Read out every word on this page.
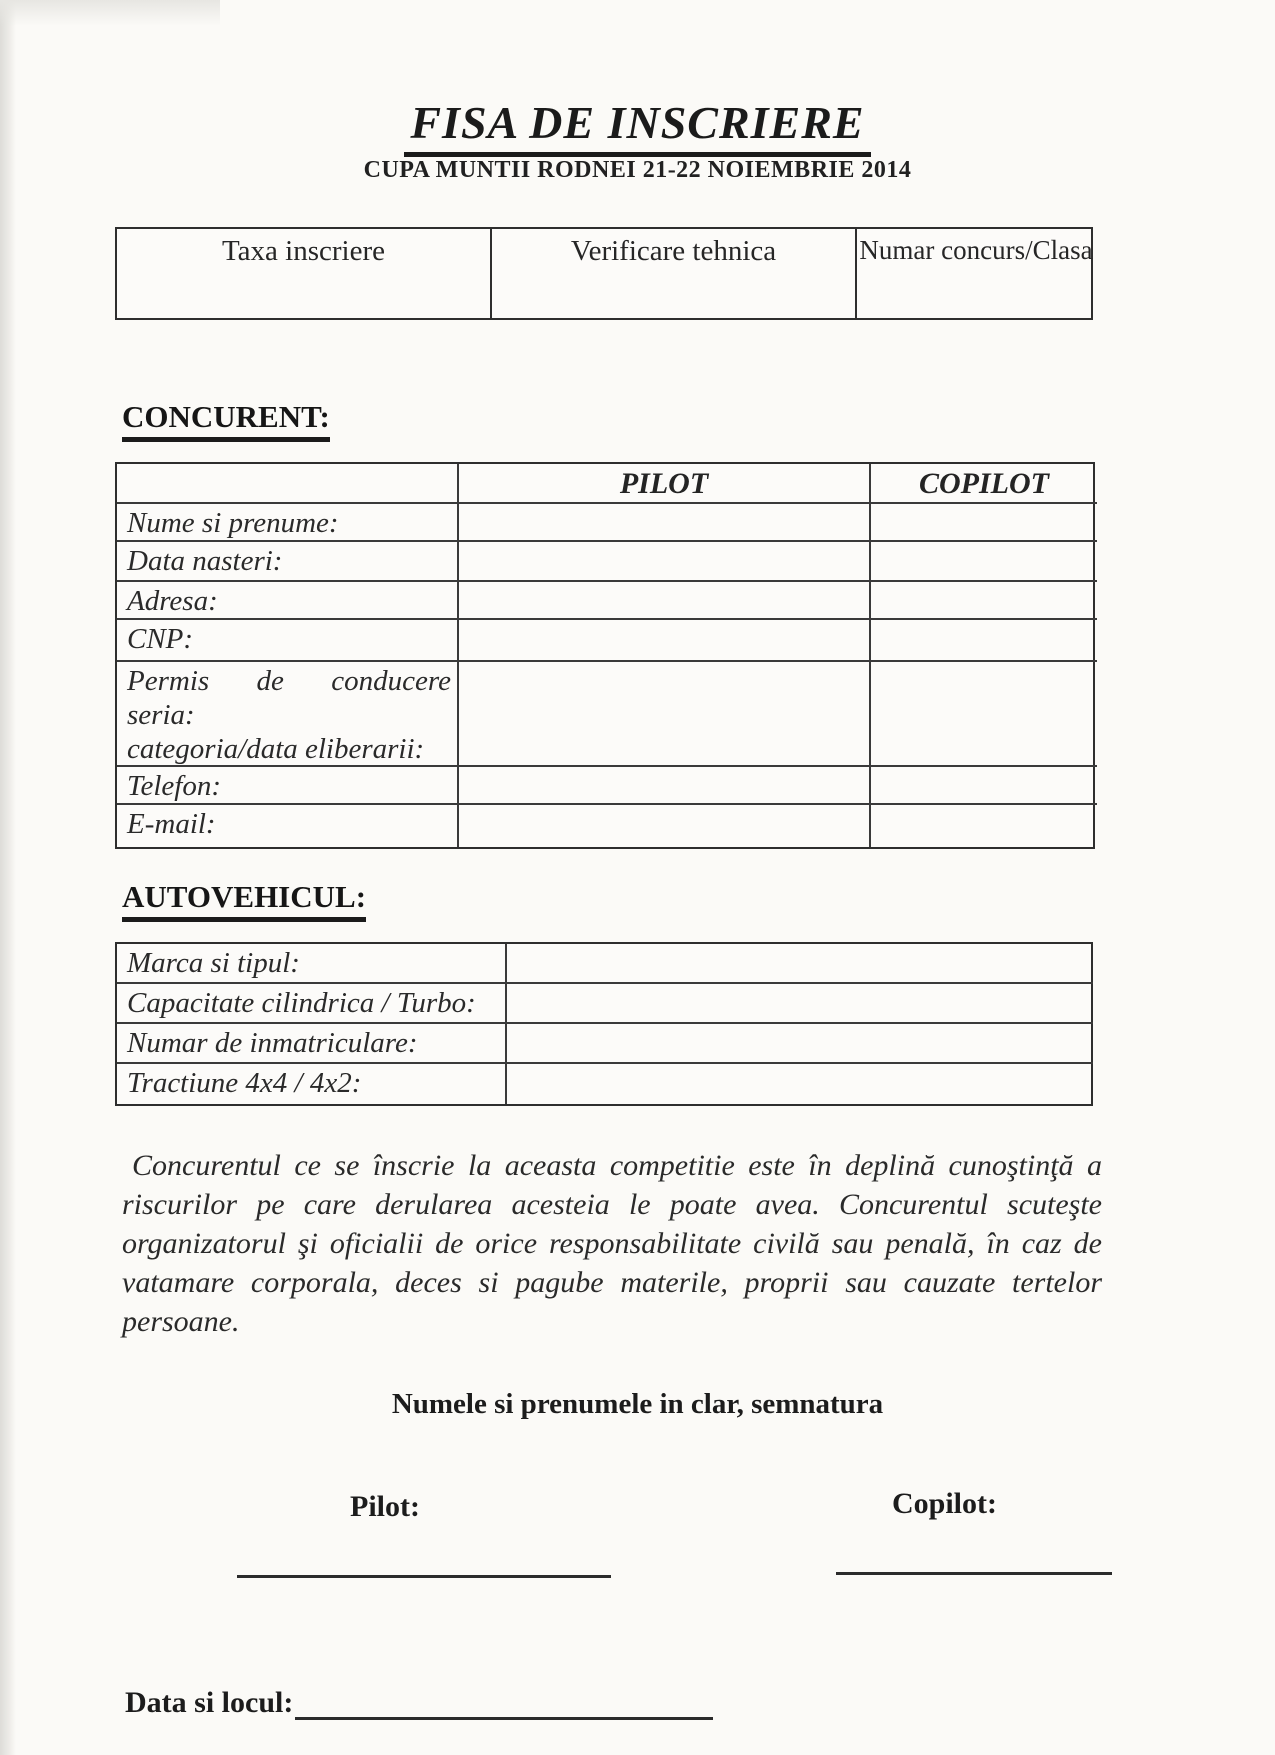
FISA DE INSCRIERE
CUPA MUNTII RODNEI 21-22 NOIEMBRIE 2014
Taxa inscriere	Verificare tehnica	Numar concurs/Clasa
CONCURENT:
PILOT	COPILOT
Nume si prenume:
Data nasteri:
Adresa:
CNP:
Permis de conducere
seria:
categoria/data eliberarii:
Telefon:
E-mail:
AUTOVEHICUL:
Marca si tipul:
Capacitate cilindrica / Turbo:
Numar de inmatriculare:
Tractiune 4x4 / 4x2:
Concurentul ce se înscrie la aceasta competitie este în deplină cunoştinţă a riscurilor pe care derularea acesteia le poate avea. Concurentul scuteşte organizatorul şi oficialii de orice responsabilitate civilă sau penală, în caz de vatamare corporala, deces si pagube materile, proprii sau cauzate tertelor persoane.
Numele si prenumele in clar, semnatura
Pilot:	Copilot:
Data si locul:
